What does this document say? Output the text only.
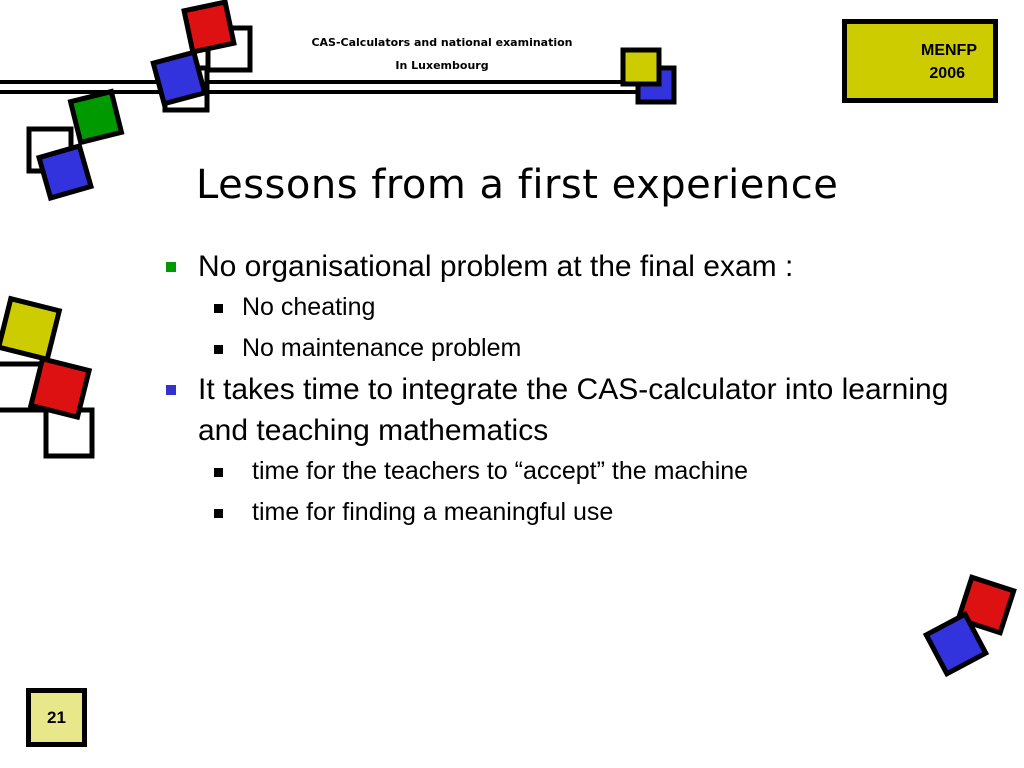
CAS-Calculators and national examination
In Luxembourg
MENFP
2006
Lessons from a first experience
No organisational problem at the final exam :
No cheating
No maintenance problem
It takes time to integrate the CAS-calculator into learning and teaching mathematics
time for the teachers to “accept” the machine
time for finding a meaningful use
21
